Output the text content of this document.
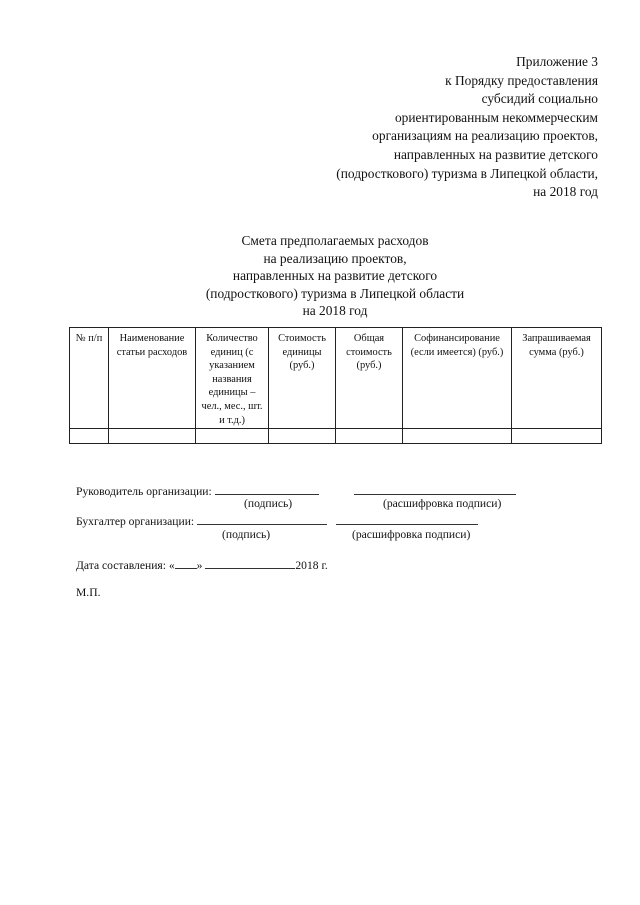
Приложение 3
к Порядку предоставления
субсидий социально
ориентированным некоммерческим
организациям на реализацию проектов,
направленных на развитие детского
(подросткового) туризма в Липецкой области,
на 2018 год
Смета предполагаемых расходов
на реализацию проектов,
направленных на развитие детского
(подросткового) туризма в Липецкой области
на 2018 год
№ п/п	Наименование статьи расходов	Количество единиц (с указанием названия единицы – чел., мес., шт. и т.д.)	Стоимость единицы (руб.)	Общая стоимость (руб.)	Софинансирование (если имеется) (руб.)	Запрашиваемая сумма (руб.)

Руководитель организации:
(подпись)	(расшифровка подписи)
Бухгалтер организации:
(подпись)	(расшифровка подписи)
Дата составления: « »	2018 г.
М.П.
